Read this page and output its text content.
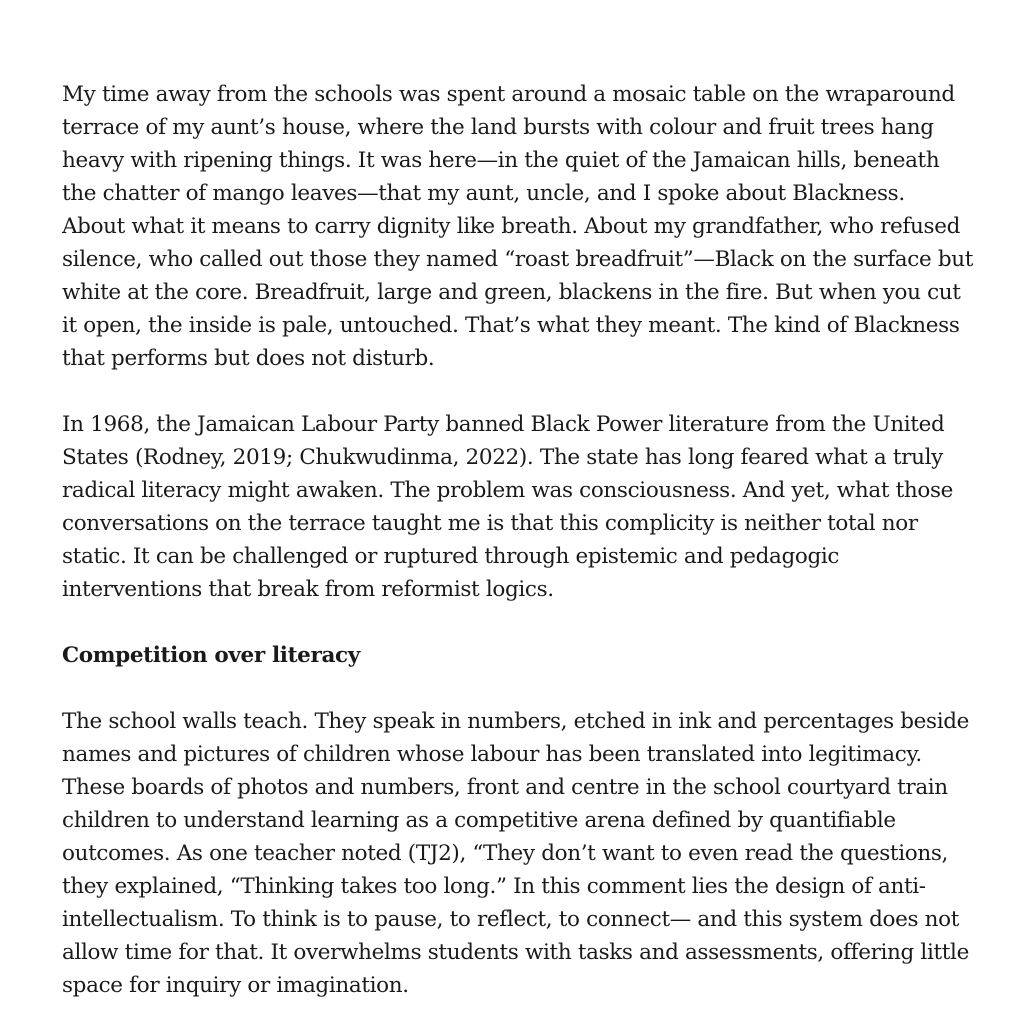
My time away from the schools was spent around a mosaic table on the wraparound terrace of my aunt’s house, where the land bursts with colour and fruit trees hang heavy with ripening things. It was here—in the quiet of the Jamaican hills, beneath the chatter of mango leaves—that my aunt, uncle, and I spoke about Blackness. About what it means to carry dignity like breath. About my grandfather, who refused silence, who called out those they named “roast breadfruit”—Black on the surface but white at the core. Breadfruit, large and green, blackens in the fire. But when you cut it open, the inside is pale, untouched. That’s what they meant. The kind of Blackness that performs but does not disturb.

In 1968, the Jamaican Labour Party banned Black Power literature from the United States (Rodney, 2019; Chukwudinma, 2022). The state has long feared what a truly radical literacy might awaken. The problem was consciousness. And yet, what those conversations on the terrace taught me is that this complicity is neither total nor static. It can be challenged or ruptured through epistemic and pedagogic interventions that break from reformist logics.

Competition over literacy

The school walls teach. They speak in numbers, etched in ink and percentages beside names and pictures of children whose labour has been translated into legitimacy. These boards of photos and numbers, front and centre in the school courtyard train children to understand learning as a competitive arena defined by quantifiable outcomes. As one teacher noted (TJ2), “They don’t want to even read the questions, they explained, “Thinking takes too long.” In this comment lies the design of anti-intellectualism. To think is to pause, to reflect, to connect— and this system does not allow time for that. It overwhelms students with tasks and assessments, offering little space for inquiry or imagination.
